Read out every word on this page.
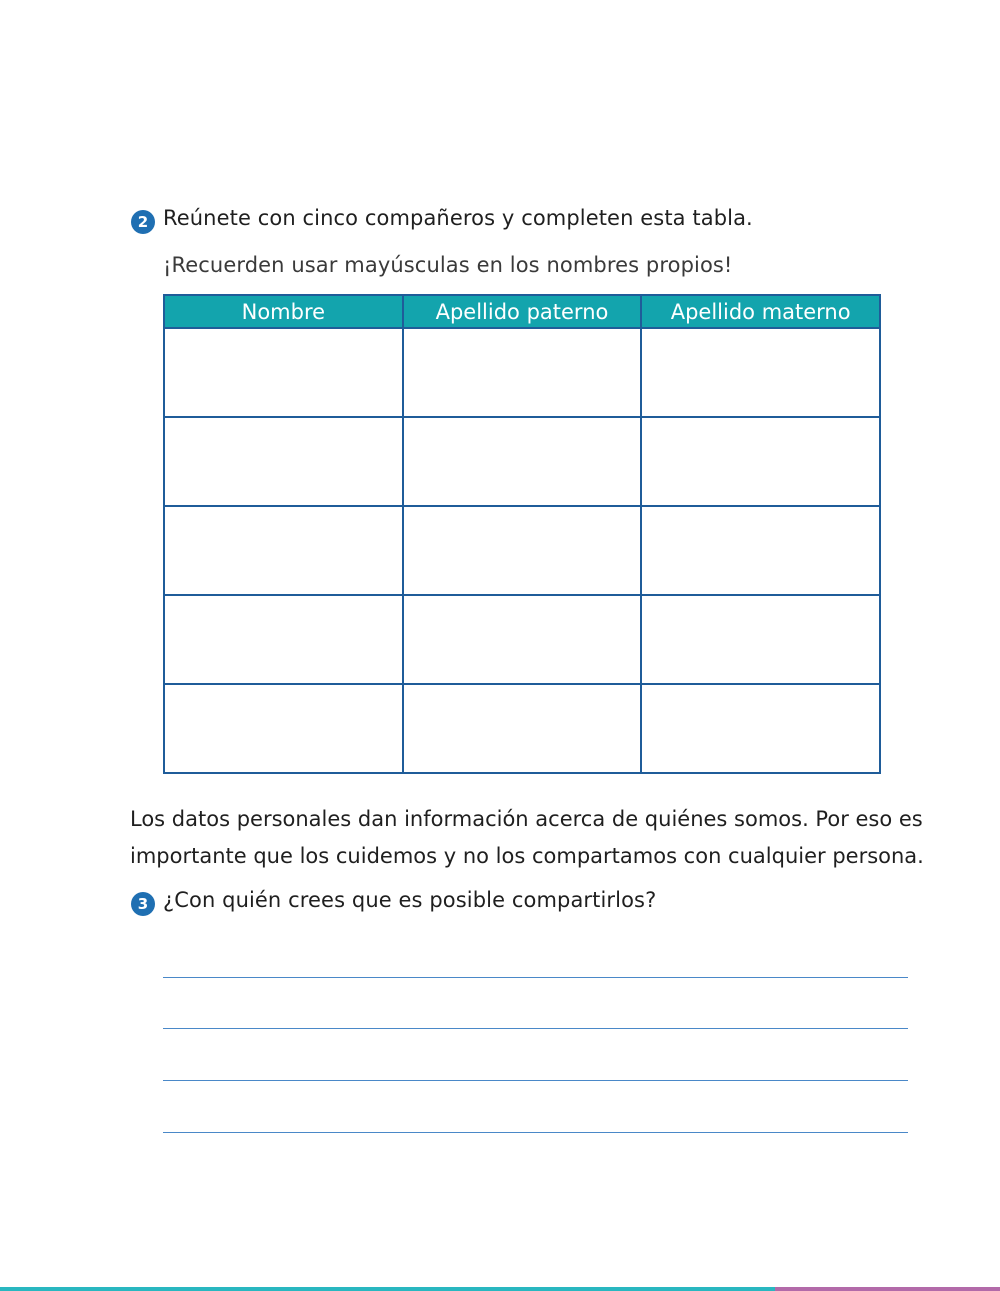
2 Reúnete con cinco compañeros y completen esta tabla.
¡Recuerden usar mayúsculas en los nombres propios!
Nombre	Apellido paterno	Apellido materno

Los datos personales dan información acerca de quiénes somos. Por eso es
importante que los cuidemos y no los compartamos con cualquier persona.
3 ¿Con quién crees que es posible compartirlos?
